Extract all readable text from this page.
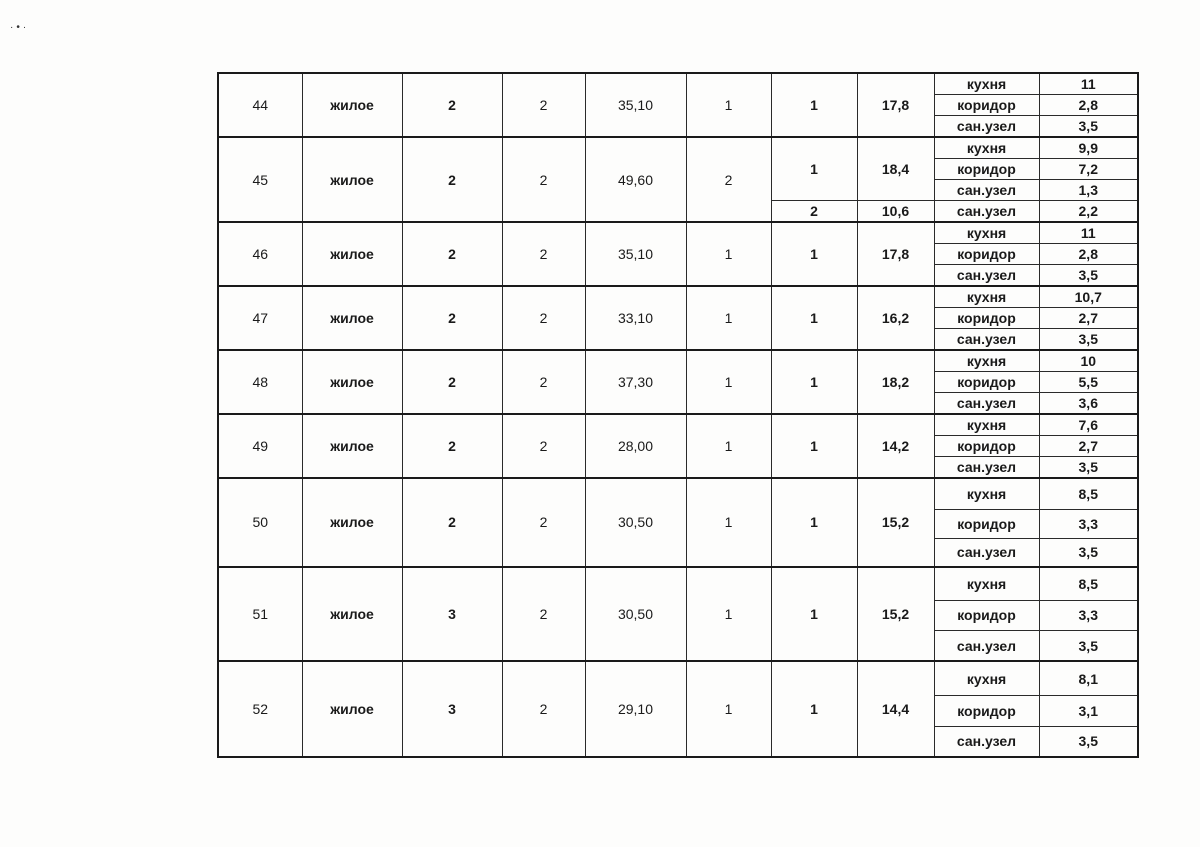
·•·
44	жилое	2	2	35,10	1	1	17,8	кухня	11
								коридор	2,8
								сан.узел	3,5
45	жилое	2	2	49,60	2	1	18,4	кухня	9,9
								коридор	7,2
								сан.узел	1,3
						2	10,6	сан.узел	2,2
46	жилое	2	2	35,10	1	1	17,8	кухня	11
								коридор	2,8
								сан.узел	3,5
47	жилое	2	2	33,10	1	1	16,2	кухня	10,7
								коридор	2,7
								сан.узел	3,5
48	жилое	2	2	37,30	1	1	18,2	кухня	10
								коридор	5,5
								сан.узел	3,6
49	жилое	2	2	28,00	1	1	14,2	кухня	7,6
								коридор	2,7
								сан.узел	3,5
50	жилое	2	2	30,50	1	1	15,2	кухня	8,5
								коридор	3,3
								сан.узел	3,5
51	жилое	3	2	30,50	1	1	15,2	кухня	8,5
								коридор	3,3
								сан.узел	3,5
52	жилое	3	2	29,10	1	1	14,4	кухня	8,1
								коридор	3,1
								сан.узел	3,5
